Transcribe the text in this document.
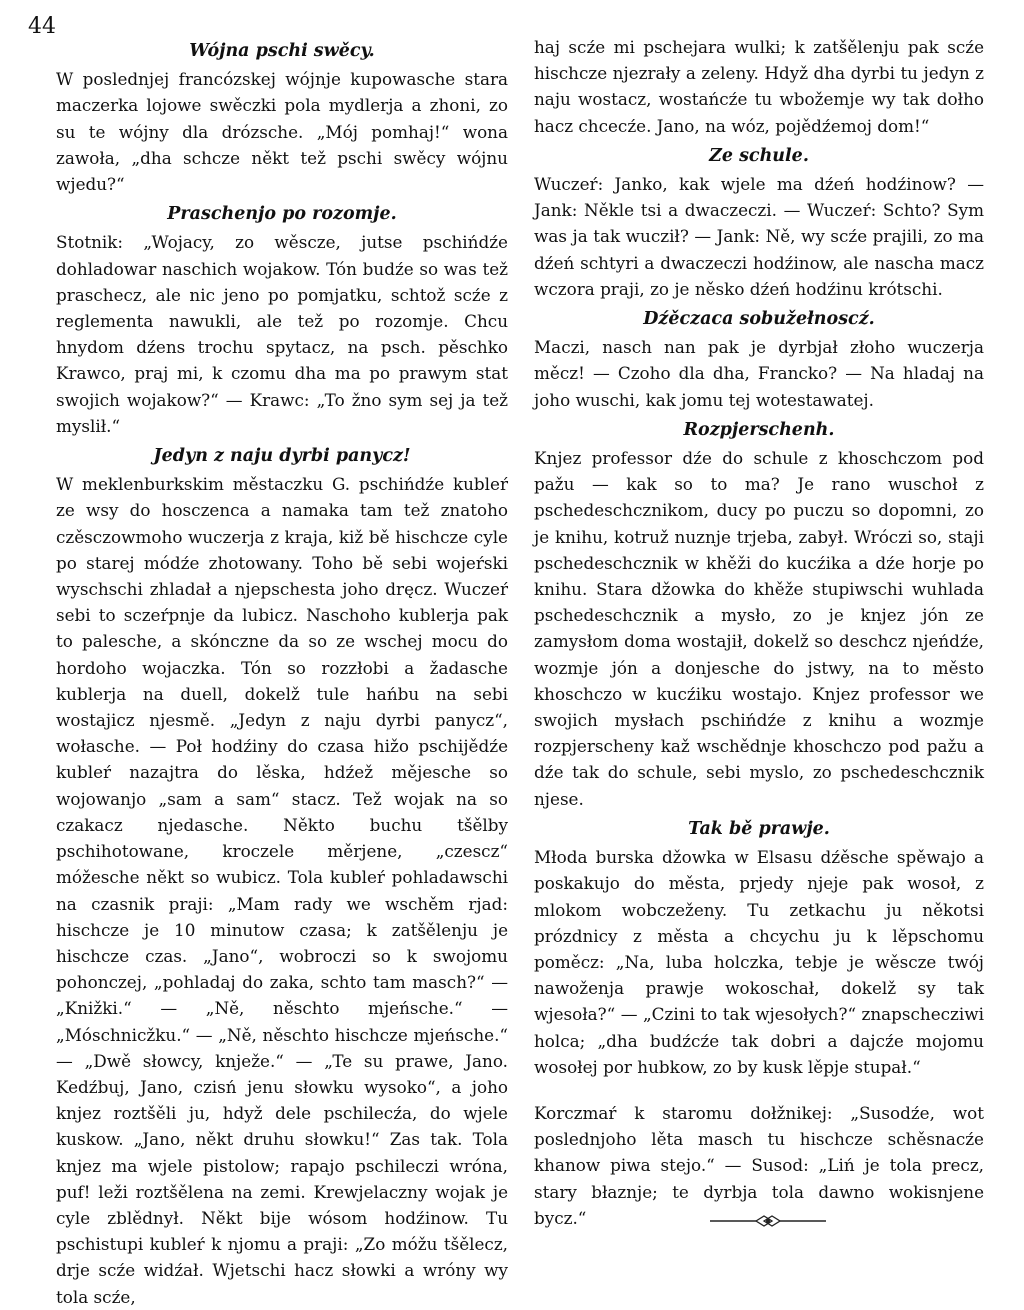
44
Wójna pschi swěcy.

W poslednjej francózskej wójnje kupowasche stara maczerka lojowe swěczki pola mydlerja a zhoni, zo su te wójny dla drózsche. „Mój pomhaj!“ wona zawoła, „dha schcze někt tež pschi swěcy wójnu wjedu?“

Praschenjo po rozomje.

Stotnik: „Wojacy, zo wěscze, jutse pschińdźe dohladowar naschich wojakow. Tón budźe so was tež praschecz, ale nic jeno po pomjatku, schtož scźe z reglementa nawukli, ale tež po rozomje. Chcu hnydom dźens trochu spytacz, na psch. pěschko Krawco, praj mi, k czomu dha ma po prawym stat swojich wojakow?“ — Krawc: „To žno sym sej ja tež myslił.“

Jedyn z naju dyrbi panycz!

W meklenburkskim městaczku G. pschińdźe kubleŕ ze wsy do hosczenca a namaka tam tež znatoho czěsczowmoho wuczerja z kraja, kiž bě hischcze cyle po starej módźe zhotowany. Toho bě sebi wojeŕski wyschschi zhladał a njepschesta joho dręcz. Wuczeŕ sebi to sczeŕpnje da lubicz. Naschoho kublerja pak to palesche, a skónczne da so ze wschej mocu do hordoho wojaczka. Tón so rozzłobi a žadasche kublerja na duell, dokelž tule hańbu na sebi wostajicz njesmě. „Jedyn z naju dyrbi panycz“, wołasche. — Poł hodźiny do czasa hižo pschijědźe kubleŕ nazajtra do lěska, hdźež mějesche so wojowanjo „sam a sam“ stacz. Tež wojak na so czakacz njedasche. Někto buchu tšělby pschihotowane, kroczele měrjene, „czescz“ móžesche někt so wubicz. Tola kubleŕ pohladawschi na czasnik praji: „Mam rady we wschěm rjad: hischcze je 10 minutow czasa; k zatšělenju je hischcze czas. „Jano“, wobroczi so k swojomu pohonczej, „pohladaj do zaka, schto tam masch?“ — „Knižki.“ — „Ně, něschto mjeńsche.“ — „Móschnicžku.“ — „Ně, něschto hischcze mjeńsche.“ — „Dwě słowcy, knježe.“ — „Te su prawe, Jano. Kedźbuj, Jano, czisń jenu słowku wysoko“, a joho knjez roztšěli ju, hdyž dele pschilecźa, do wjele kuskow. „Jano, někt druhu słowku!“ Zas tak. Tola knjez ma wjele pistolow; rapajo pschileczi wróna, puf! leži roztšělena na zemi. Krewjelaczny wojak je cyle zblědnył. Někt bije wósom hodźinow. Tu pschistupi kubleŕ k njomu a praji: „Zo móžu tšělecz, drje scźe widźał. Wjetschi hacz słowki a wróny wy tola scźe,

haj scźe mi pschejara wulki; k zatšělenju pak scźe hischcze njezrały a zeleny. Hdyž dha dyrbi tu jedyn z naju wostacz, wostańcźe tu wbožemje wy tak dołho hacz chcecźe. Jano, na wóz, pojědźemoj dom!“

Ze schule.

Wuczeŕ: Janko, kak wjele ma dźeń hodźinow? — Jank: Někle tsi a dwaczeczi. — Wuczeŕ: Schto? Sym was ja tak wucził? — Jank: Ně, wy scźe prajili, zo ma dźeń schtyri a dwaczeczi hodźinow, ale nascha macz wczora praji, zo je něsko dźeń hodźinu krótschi.

Dźěczaca sobužełnoscź.

Maczi, nasch nan pak je dyrbjał złoho wuczerja měcz! — Czoho dla dha, Francko? — Na hladaj na joho wuschi, kak jomu tej wotestawatej.

Rozpjerschenh.

Knjez professor dźe do schule z khoschczom pod pažu — kak so to ma? Je rano wuschoł z pschedeschcznikom, ducy po puczu so dopomni, zo je knihu, kotruž nuznje trjeba, zabył. Wróczi so, staji pschedeschcznik w khěži do kucźika a dźe horje po knihu. Stara džowka do khěže stupiwschi wuhlada pschedeschcznik a mysło, zo je knjez jón ze zamysłom doma wostajił, dokelž so deschcz njeńdźe, wozmje jón a donjesche do jstwy, na to město khoschczo w kucźiku wostajo. Knjez professor we swojich mysłach pschińdźe z knihu a wozmje rozpjerscheny kaž wschědnje khoschczo pod pažu a dźe tak do schule, sebi myslo, zo pschedeschcznik njese.

Tak bě prawje.

Młoda burska džowka w Elsasu dźěsche spěwajo a poskakujo do města, prjedy njeje pak wosoł, z mlokom wobczeženy. Tu zetkachu ju někotsi prózdnicy z města a chcychu ju k lěpschomu poměcz: „Na, luba holczka, tebje je wěscze twój nawoženja prawje wokoschał, dokelž sy tak wjesoła?“ — „Czini to tak wjesołych?“ znapschecziwi holca; „dha budźcźe tak dobri a dajcźe mojomu wosołej por hubkow, zo by kusk lěpje stupał.“

Korczmaŕ k staromu dołžnikej: „Susodźe, wot poslednjoho lěta masch tu hischcze schěsnacźe khanow piwa stejo.“ — Susod: „Liń je tola precz, stary błaznje; te dyrbja tola dawno wokisnjene bycz.“
